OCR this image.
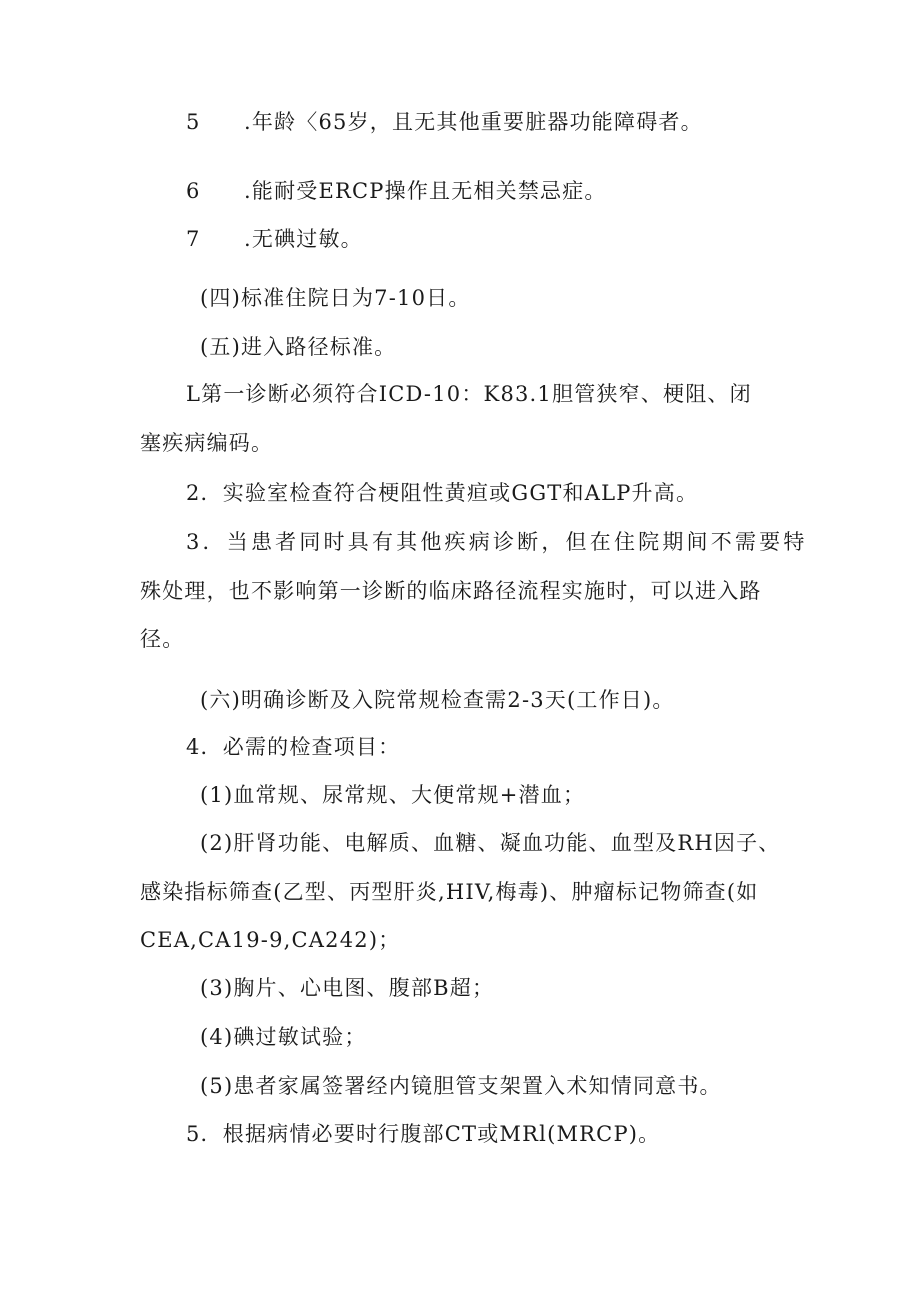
5 .年龄〈65岁，且无其他重要脏器功能障碍者。
6 .能耐受ERCP操作且无相关禁忌症。
7 .无碘过敏。
(四)标准住院日为7-10日。
(五)进入路径标准。
L第一诊断必须符合ICD-10：K83.1胆管狭窄、梗阻、闭
塞疾病编码。
2．实验室检查符合梗阻性黄疸或GGT和ALP升高。
3．当患者同时具有其他疾病诊断，但在住院期间不需要特
殊处理，也不影响第一诊断的临床路径流程实施时，可以进入路
径。
(六)明确诊断及入院常规检查需2-3天(工作日)。
4．必需的检查项目：
(1)血常规、尿常规、大便常规+潜血；
(2)肝肾功能、电解质、血糖、凝血功能、血型及RH因子、
感染指标筛查(乙型、丙型肝炎,HIV,梅毒)、肿瘤标记物筛查(如
CEA,CA19-9,CA242)；
(3)胸片、心电图、腹部B超；
(4)碘过敏试验；
(5)患者家属签署经内镜胆管支架置入术知情同意书。
5．根据病情必要时行腹部CT或MRl(MRCP)。
